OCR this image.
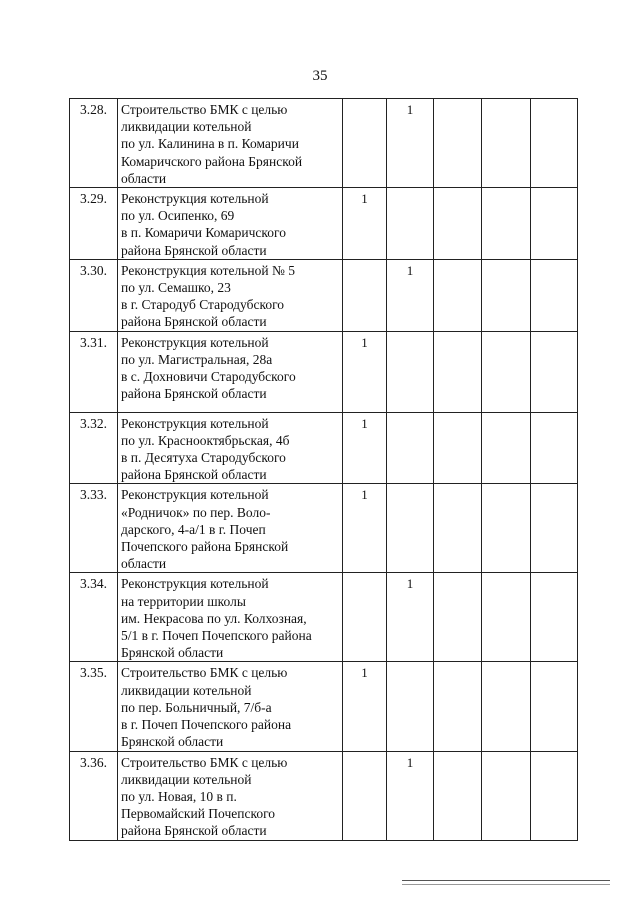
35
3.28.	Строительство БМК с целью
ликвидации котельной
по ул. Калинина в п. Комаричи
Комаричского района Брянской
области		1			
3.29.	Реконструкция котельной
по ул. Осипенко, 69
в п. Комаричи Комаричского
района Брянской области	1				
3.30.	Реконструкция котельной № 5
по ул. Семашко, 23
в г. Стародуб Стародубского
района Брянской области		1			
3.31.	Реконструкция котельной
по ул. Магистральная, 28а
в с. Дохновичи Стародубского
района Брянской области	1				
3.32.	Реконструкция котельной
по ул. Краснооктябрьская, 4б
в п. Десятуха Стародубского
района Брянской области	1				
3.33.	Реконструкция котельной
«Родничок» по пер. Воло-
дарского, 4-а/1 в г. Почеп
Почепского района Брянской
области	1				
3.34.	Реконструкция котельной
на территории школы
им. Некрасова по ул. Колхозная,
5/1 в г. Почеп Почепского района
Брянской области		1			
3.35.	Строительство БМК с целью
ликвидации котельной
по пер. Больничный, 7/б-а
в г. Почеп Почепского района
Брянской области	1				
3.36.	Строительство БМК с целью
ликвидации котельной
по ул. Новая, 10 в п.
Первомайский Почепского
района Брянской области		1			
